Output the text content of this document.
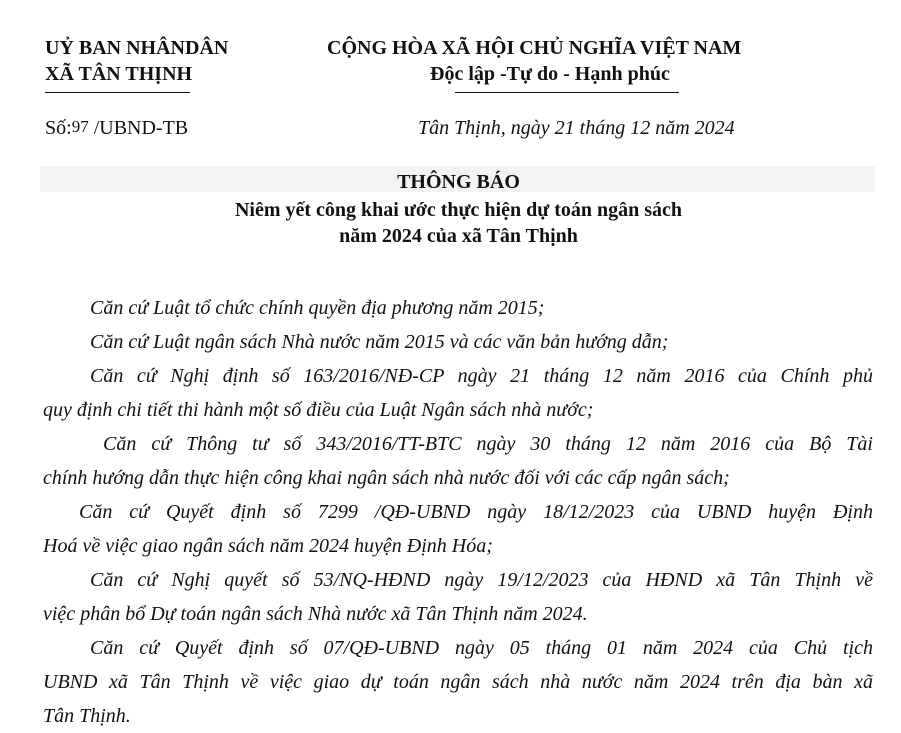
UỶ BAN NHÂNDÂN
XÃ TÂN THỊNH
CỘNG HÒA XÃ HỘI CHỦ NGHĨA VIỆT NAM
Độc lập -Tự do - Hạnh phúc
Số:97 /UBND-TB	Tân Thịnh, ngày 21 tháng 12 năm 2024
THÔNG BÁO
Niêm yết công khai ước thực hiện dự toán ngân sách
năm 2024 của xã Tân Thịnh
Căn cứ Luật tổ chức chính quyền địa phương năm 2015;
Căn cứ Luật ngân sách Nhà nước năm 2015 và các văn bản hướng dẫn;
Căn cứ Nghị định số 163/2016/NĐ-CP ngày 21 tháng 12 năm 2016 của Chính phủ
quy định chi tiết thi hành một số điều của Luật Ngân sách nhà nước;
Căn cứ Thông tư số 343/2016/TT-BTC ngày 30 tháng 12 năm 2016 của Bộ Tài
chính hướng dẫn thực hiện công khai ngân sách nhà nước đối với các cấp ngân sách;
Căn cứ Quyết định số 7299 /QĐ-UBND ngày 18/12/2023 của UBND huyện Định
Hoá về việc giao ngân sách năm 2024 huyện Định Hóa;
Căn cứ Nghị quyết số 53/NQ-HĐND ngày 19/12/2023 của HĐND xã Tân Thịnh về
việc phân bổ Dự toán ngân sách Nhà nước xã Tân Thịnh năm 2024.
Căn cứ Quyết định số 07/QĐ-UBND ngày 05 tháng 01 năm 2024 của Chủ tịch
UBND xã Tân Thịnh về việc giao dự toán ngân sách nhà nước năm 2024 trên địa bàn xã
Tân Thịnh.
